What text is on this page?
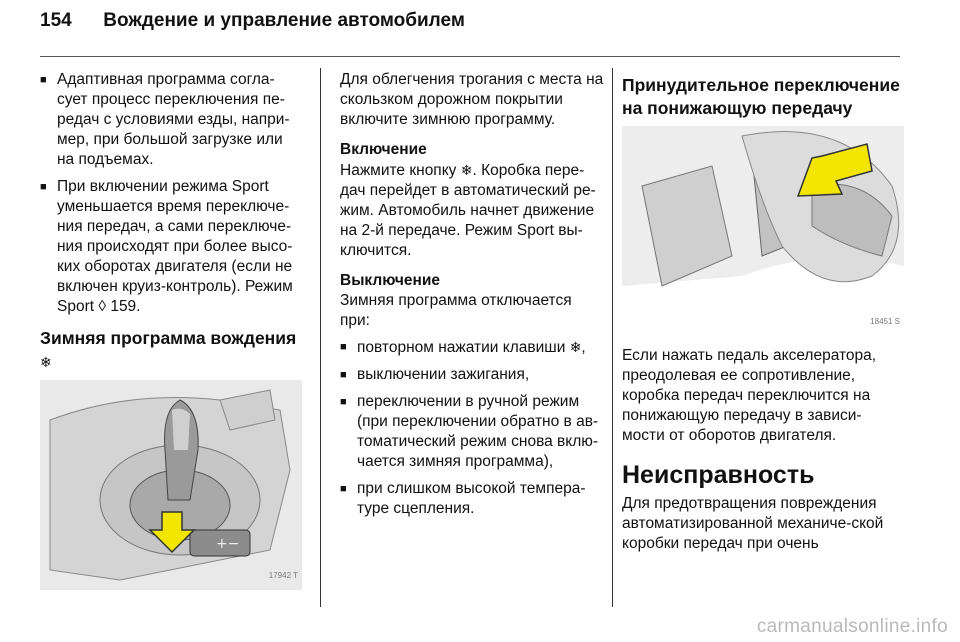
154 Вождение и управление автомобилем
■ Адаптивная программа согла-сует процесс переключения пе-редач с условиями езды, напри-мер, при большой загрузке или на подъемах.
■ При включении режима Sport уменьшается время переключе-ния передач, а сами переключе-ния происходят при более высо-ких оборотах двигателя (если не включен круиз-контроль). Режим Sport ◊ 159.
Зимняя программа вождения ❄
+−
17942 T
Для облегчения трогания с места на скользком дорожном покрытии включите зимнюю программу.
Включение
Нажмите кнопку ❄. Коробка пере-дач перейдет в автоматический ре-жим. Автомобиль начнет движение на 2-й передаче. Режим Sport вы-ключится.
Выключение
Зимняя программа отключается при:
■ повторном нажатии клавиши ❄,
■ выключении зажигания,
■ переключении в ручной режим (при переключении обратно в ав-томатический режим снова вклю-чается зимняя программа),
■ при слишком высокой темпера-туре сцепления.
Принудительное переключение на понижающую передачу
18451 S
Если нажать педаль акселератора, преодолевая ее сопротивление, коробка передач переключится на понижающую передачу в зависи-мости от оборотов двигателя.
Неисправность
Для предотвращения повреждения автоматизированной механиче-ской коробки передач при очень
carmanualsonline.info
